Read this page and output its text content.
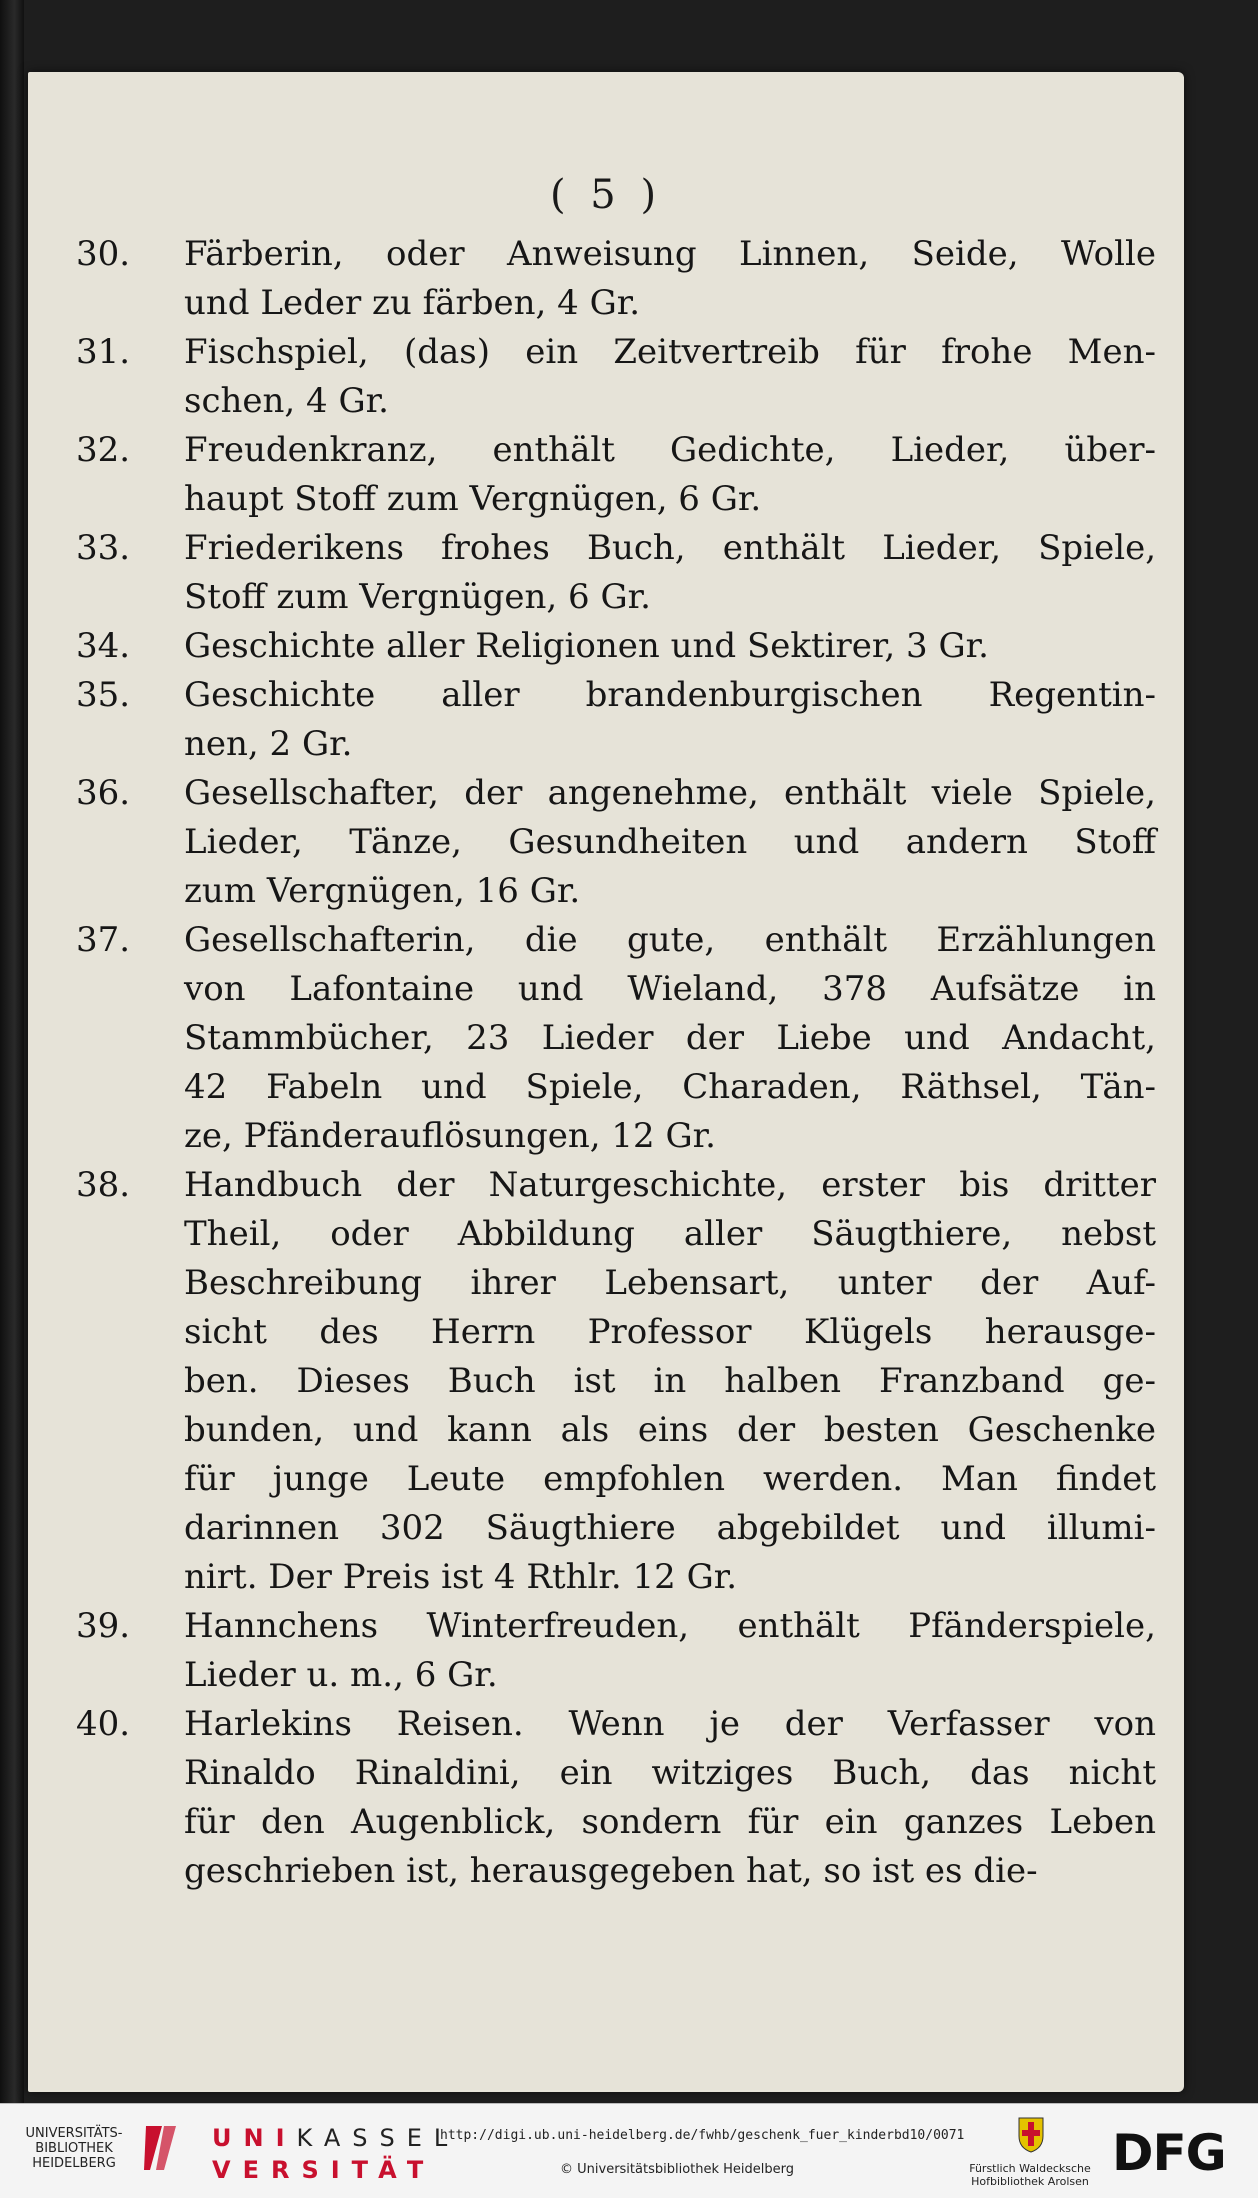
( 5 )
30.	Färberin, oder Anweisung Linnen, Seide, Wolle
und Leder zu färben, 4 Gr.
31.	Fischspiel, (das) ein Zeitvertreib für frohe Men-
schen, 4 Gr.
32.	Freudenkranz, enthält Gedichte, Lieder, über-
haupt Stoff zum Vergnügen, 6 Gr.
33.	Friederikens frohes Buch, enthält Lieder, Spiele,
Stoff zum Vergnügen, 6 Gr.
34.	Geschichte aller Religionen und Sektirer, 3 Gr.
35.	Geschichte aller brandenburgischen Regentin-
nen, 2 Gr.
36.	Gesellschafter, der angenehme, enthält viele Spiele,
Lieder, Tänze, Gesundheiten und andern Stoff
zum Vergnügen, 16 Gr.
37.	Gesellschafterin, die gute, enthält Erzählungen
von Lafontaine und Wieland, 378 Aufsätze in
Stammbücher, 23 Lieder der Liebe und Andacht,
42 Fabeln und Spiele, Charaden, Räthsel, Tän-
ze, Pfänderauflösungen, 12 Gr.
38.	Handbuch der Naturgeschichte, erster bis dritter
Theil, oder Abbildung aller Säugthiere, nebst
Beschreibung ihrer Lebensart, unter der Auf-
sicht des Herrn Professor Klügels herausge-
ben. Dieses Buch ist in halben Franzband ge-
bunden, und kann als eins der besten Geschenke
für junge Leute empfohlen werden. Man findet
darinnen 302 Säugthiere abgebildet und illumi-
nirt. Der Preis ist 4 Rthlr. 12 Gr.
39.	Hannchens Winterfreuden, enthält Pfänderspiele,
Lieder u. m., 6 Gr.
40.	Harlekins Reisen. Wenn je der Verfasser von
Rinaldo Rinaldini, ein witziges Buch, das nicht
für den Augenblick, sondern für ein ganzes Leben
geschrieben ist, herausgegeben hat, so ist es die-
UNIVERSITÄTS-
BIBLIOTHEK
HEIDELBERG
UNIKASSEL
VERSITÄT
http://digi.ub.uni-heidelberg.de/fwhb/geschenk_fuer_kinderbd10/0071
© Universitätsbibliothek Heidelberg	Fürstlich Waldecksche
Hofbibliothek Arolsen DFG
